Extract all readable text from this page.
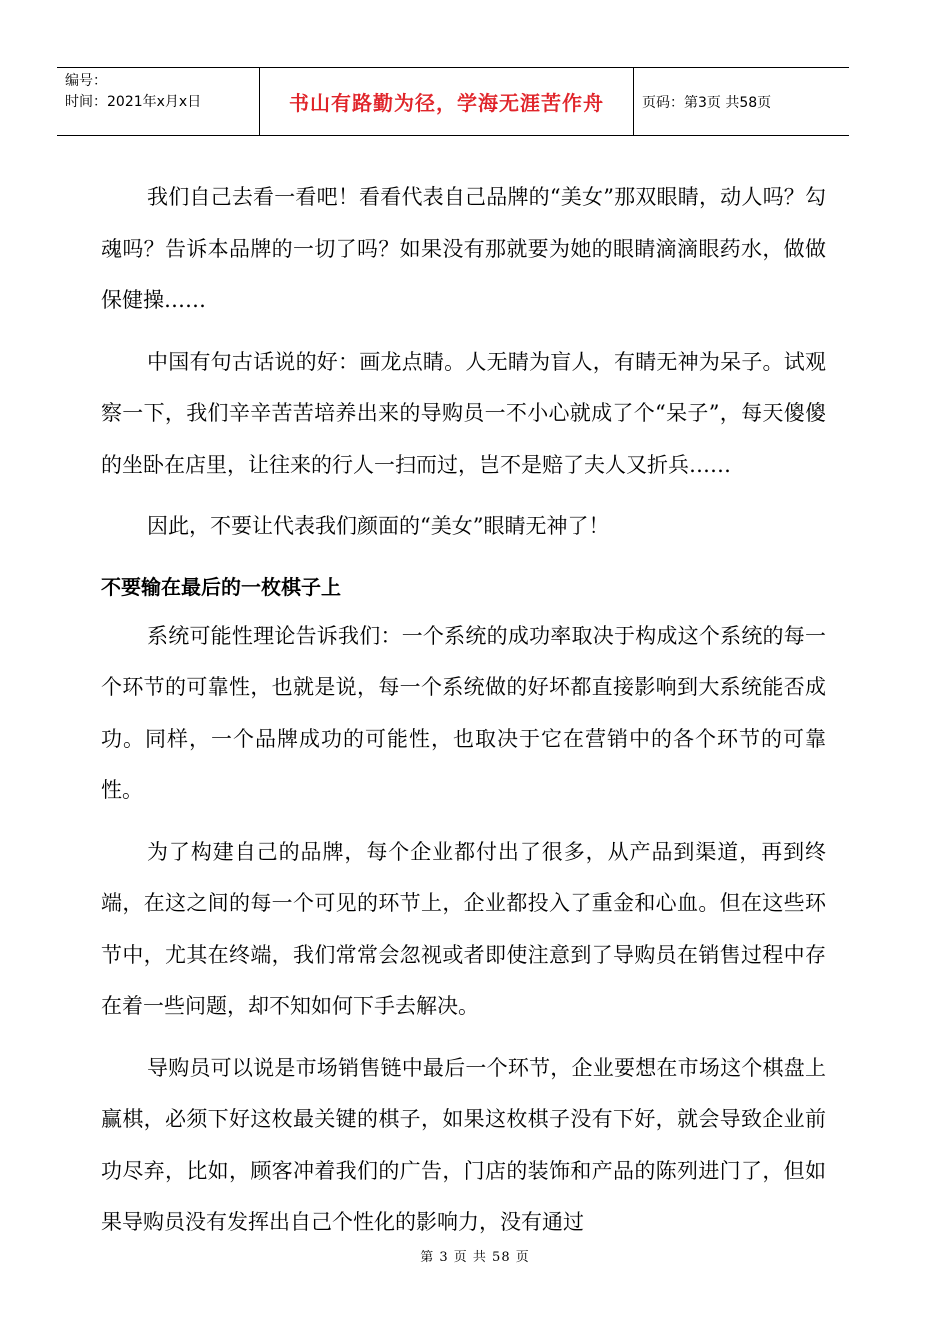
编号：
时间：2021年x月x日	书山有路勤为径，学海无涯苦作舟	页码：第3页 共58页

我们自己去看一看吧！看看代表自己品牌的“美女”那双眼睛，动人吗？勾魂吗？告诉本品牌的一切了吗？如果没有那就要为她的眼睛滴滴眼药水，做做保健操……

中国有句古话说的好：画龙点睛。人无睛为盲人，有睛无神为呆子。试观察一下，我们辛辛苦苦培养出来的导购员一不小心就成了个“呆子”，每天傻傻的坐卧在店里，让往来的行人一扫而过，岂不是赔了夫人又折兵……

因此，不要让代表我们颜面的“美女”眼睛无神了！

不要输在最后的一枚棋子上

系统可能性理论告诉我们：一个系统的成功率取决于构成这个系统的每一个环节的可靠性，也就是说，每一个系统做的好坏都直接影响到大系统能否成功。同样，一个品牌成功的可能性，也取决于它在营销中的各个环节的可靠性。

为了构建自己的品牌，每个企业都付出了很多，从产品到渠道，再到终端，在这之间的每一个可见的环节上，企业都投入了重金和心血。但在这些环节中，尤其在终端，我们常常会忽视或者即使注意到了导购员在销售过程中存在着一些问题，却不知如何下手去解决。

导购员可以说是市场销售链中最后一个环节，企业要想在市场这个棋盘上赢棋，必须下好这枚最关键的棋子，如果这枚棋子没有下好，就会导致企业前功尽弃，比如，顾客冲着我们的广告，门店的装饰和产品的陈列进门了，但如果导购员没有发挥出自己个性化的影响力，没有通过

第 3 页 共 58 页
